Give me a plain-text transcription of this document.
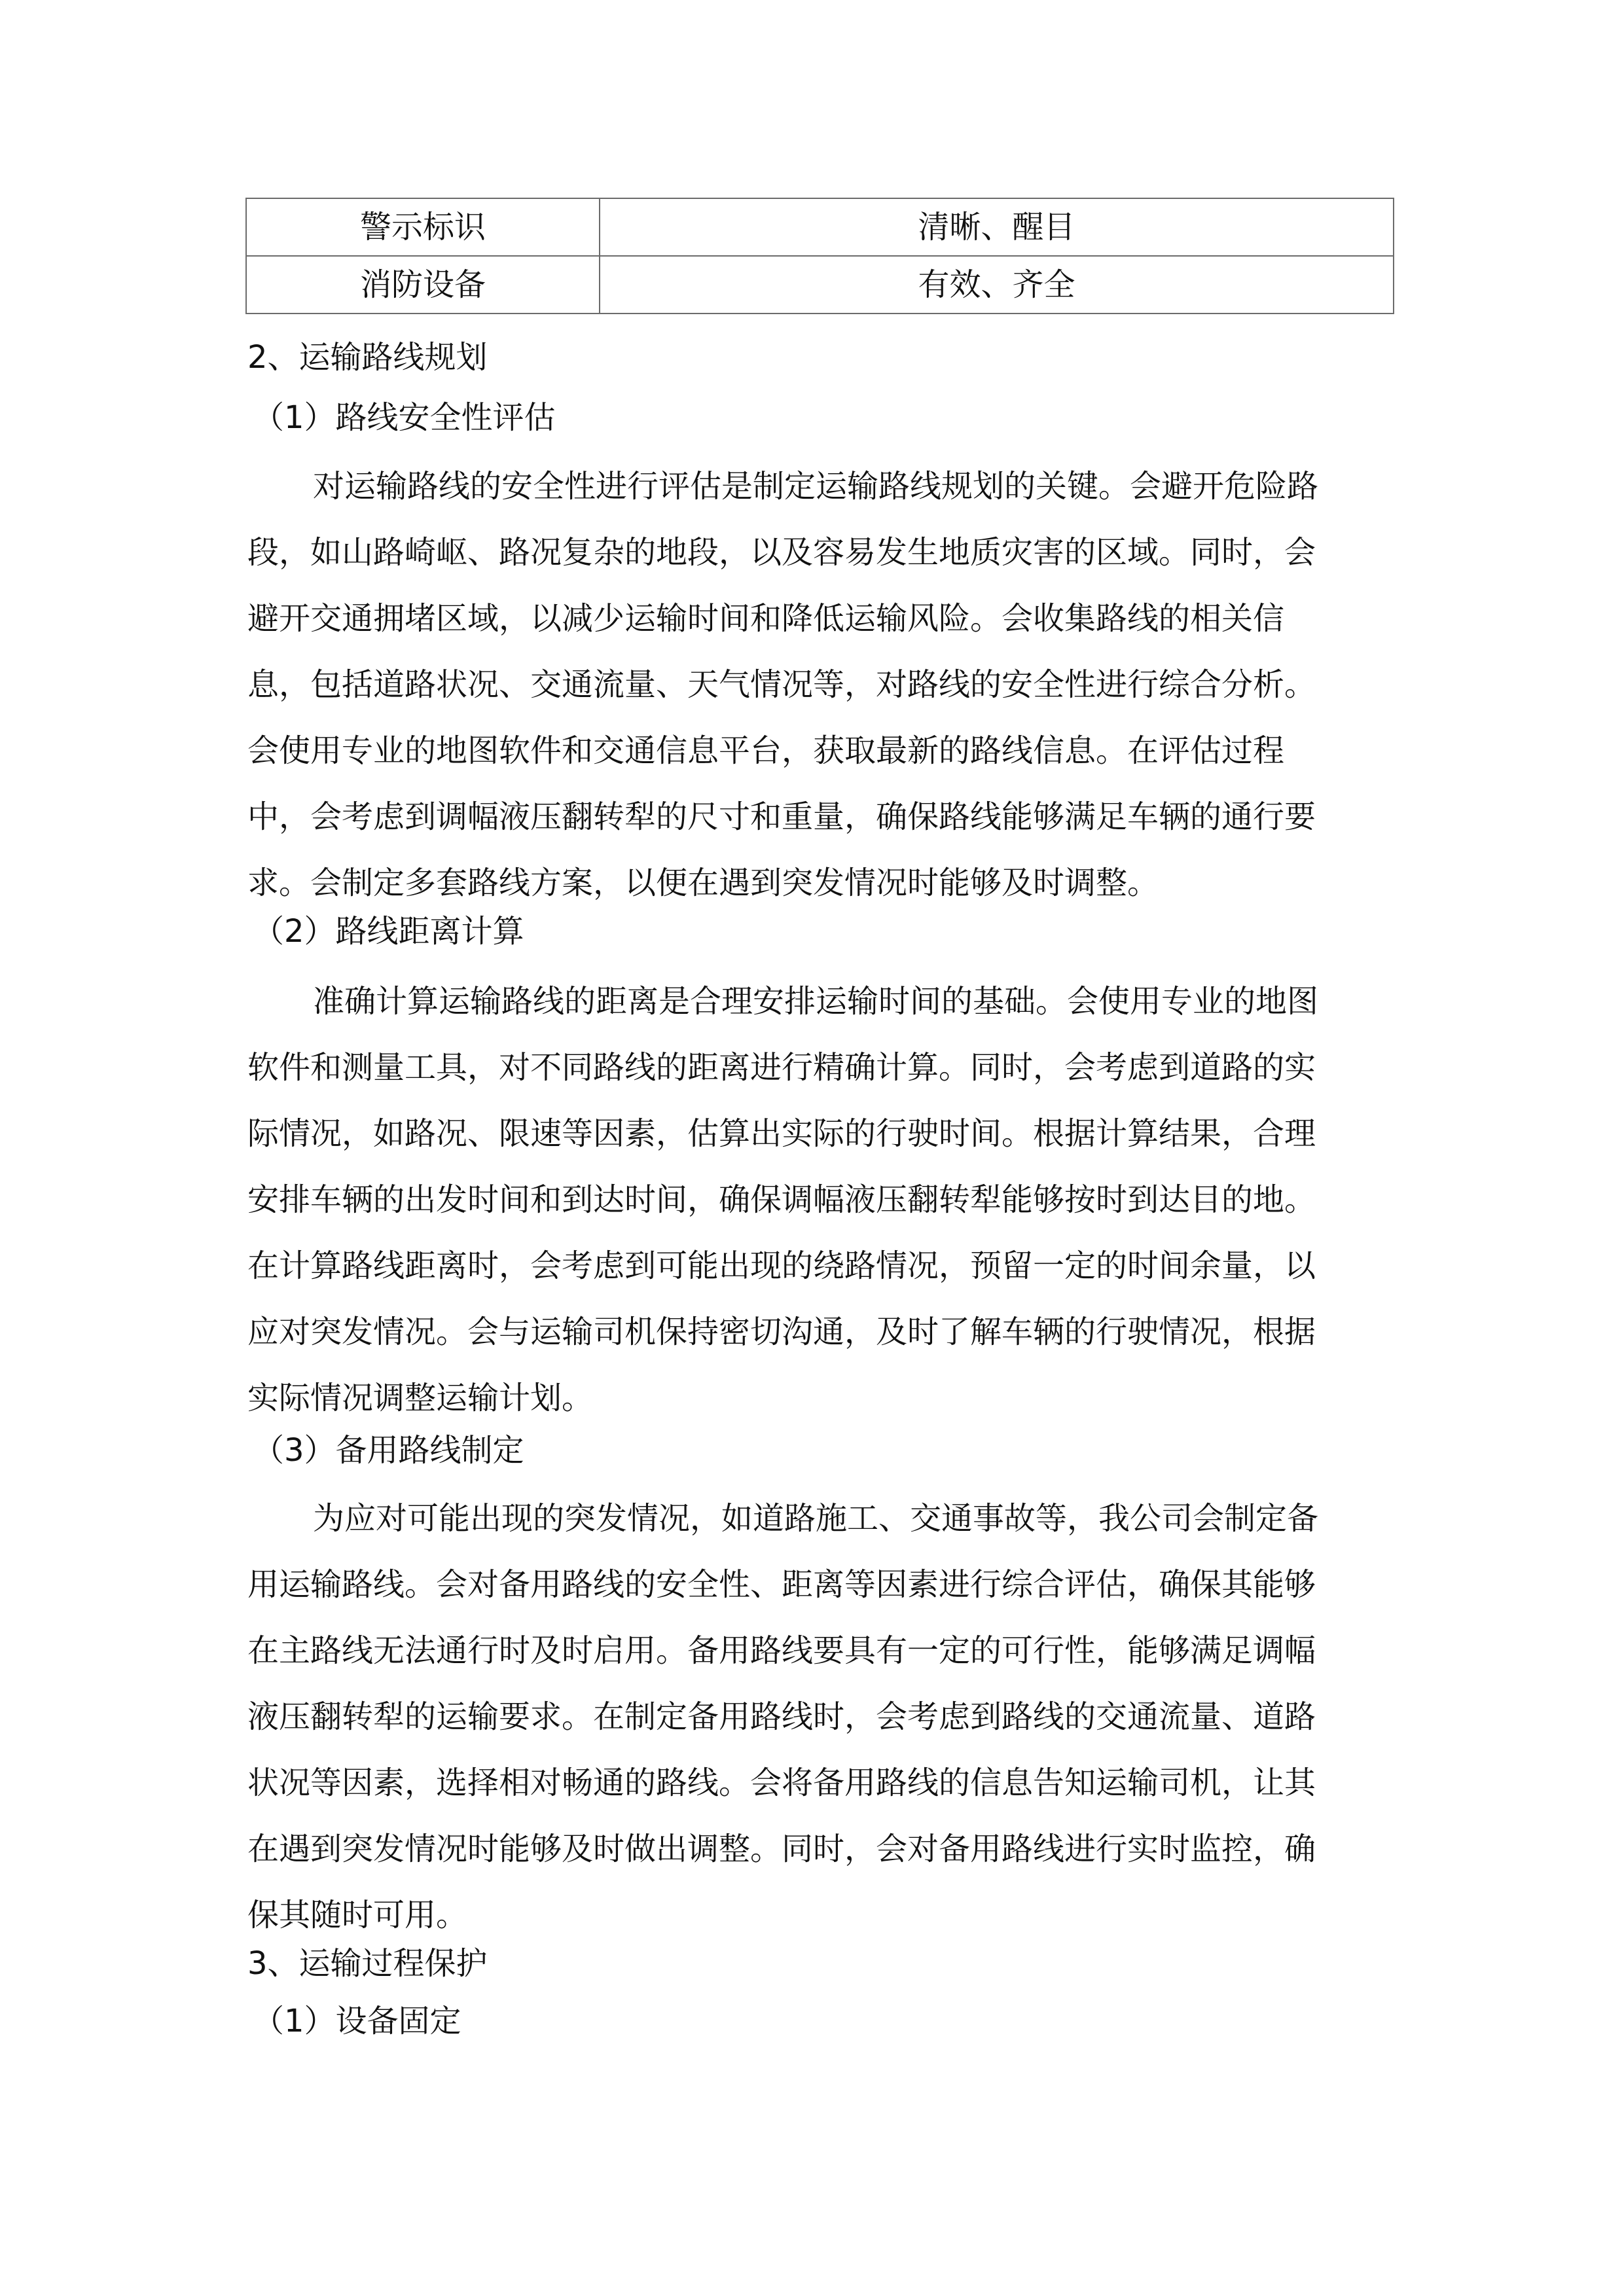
警示标识	清晰、醒目
消防设备	有效、齐全
2、运输路线规划
（1）路线安全性评估
对运输路线的安全性进行评估是制定运输路线规划的关键。会避开危险路
段，如山路崎岖、路况复杂的地段，以及容易发生地质灾害的区域。同时，会
避开交通拥堵区域，以减少运输时间和降低运输风险。会收集路线的相关信
息，包括道路状况、交通流量、天气情况等，对路线的安全性进行综合分析。
会使用专业的地图软件和交通信息平台，获取最新的路线信息。在评估过程
中，会考虑到调幅液压翻转犁的尺寸和重量，确保路线能够满足车辆的通行要
求。会制定多套路线方案，以便在遇到突发情况时能够及时调整。
（2）路线距离计算
准确计算运输路线的距离是合理安排运输时间的基础。会使用专业的地图
软件和测量工具，对不同路线的距离进行精确计算。同时，会考虑到道路的实
际情况，如路况、限速等因素，估算出实际的行驶时间。根据计算结果，合理
安排车辆的出发时间和到达时间，确保调幅液压翻转犁能够按时到达目的地。
在计算路线距离时，会考虑到可能出现的绕路情况，预留一定的时间余量，以
应对突发情况。会与运输司机保持密切沟通，及时了解车辆的行驶情况，根据
实际情况调整运输计划。
（3）备用路线制定
为应对可能出现的突发情况，如道路施工、交通事故等，我公司会制定备
用运输路线。会对备用路线的安全性、距离等因素进行综合评估，确保其能够
在主路线无法通行时及时启用。备用路线要具有一定的可行性，能够满足调幅
液压翻转犁的运输要求。在制定备用路线时，会考虑到路线的交通流量、道路
状况等因素，选择相对畅通的路线。会将备用路线的信息告知运输司机，让其
在遇到突发情况时能够及时做出调整。同时，会对备用路线进行实时监控，确
保其随时可用。
3、运输过程保护
（1）设备固定
